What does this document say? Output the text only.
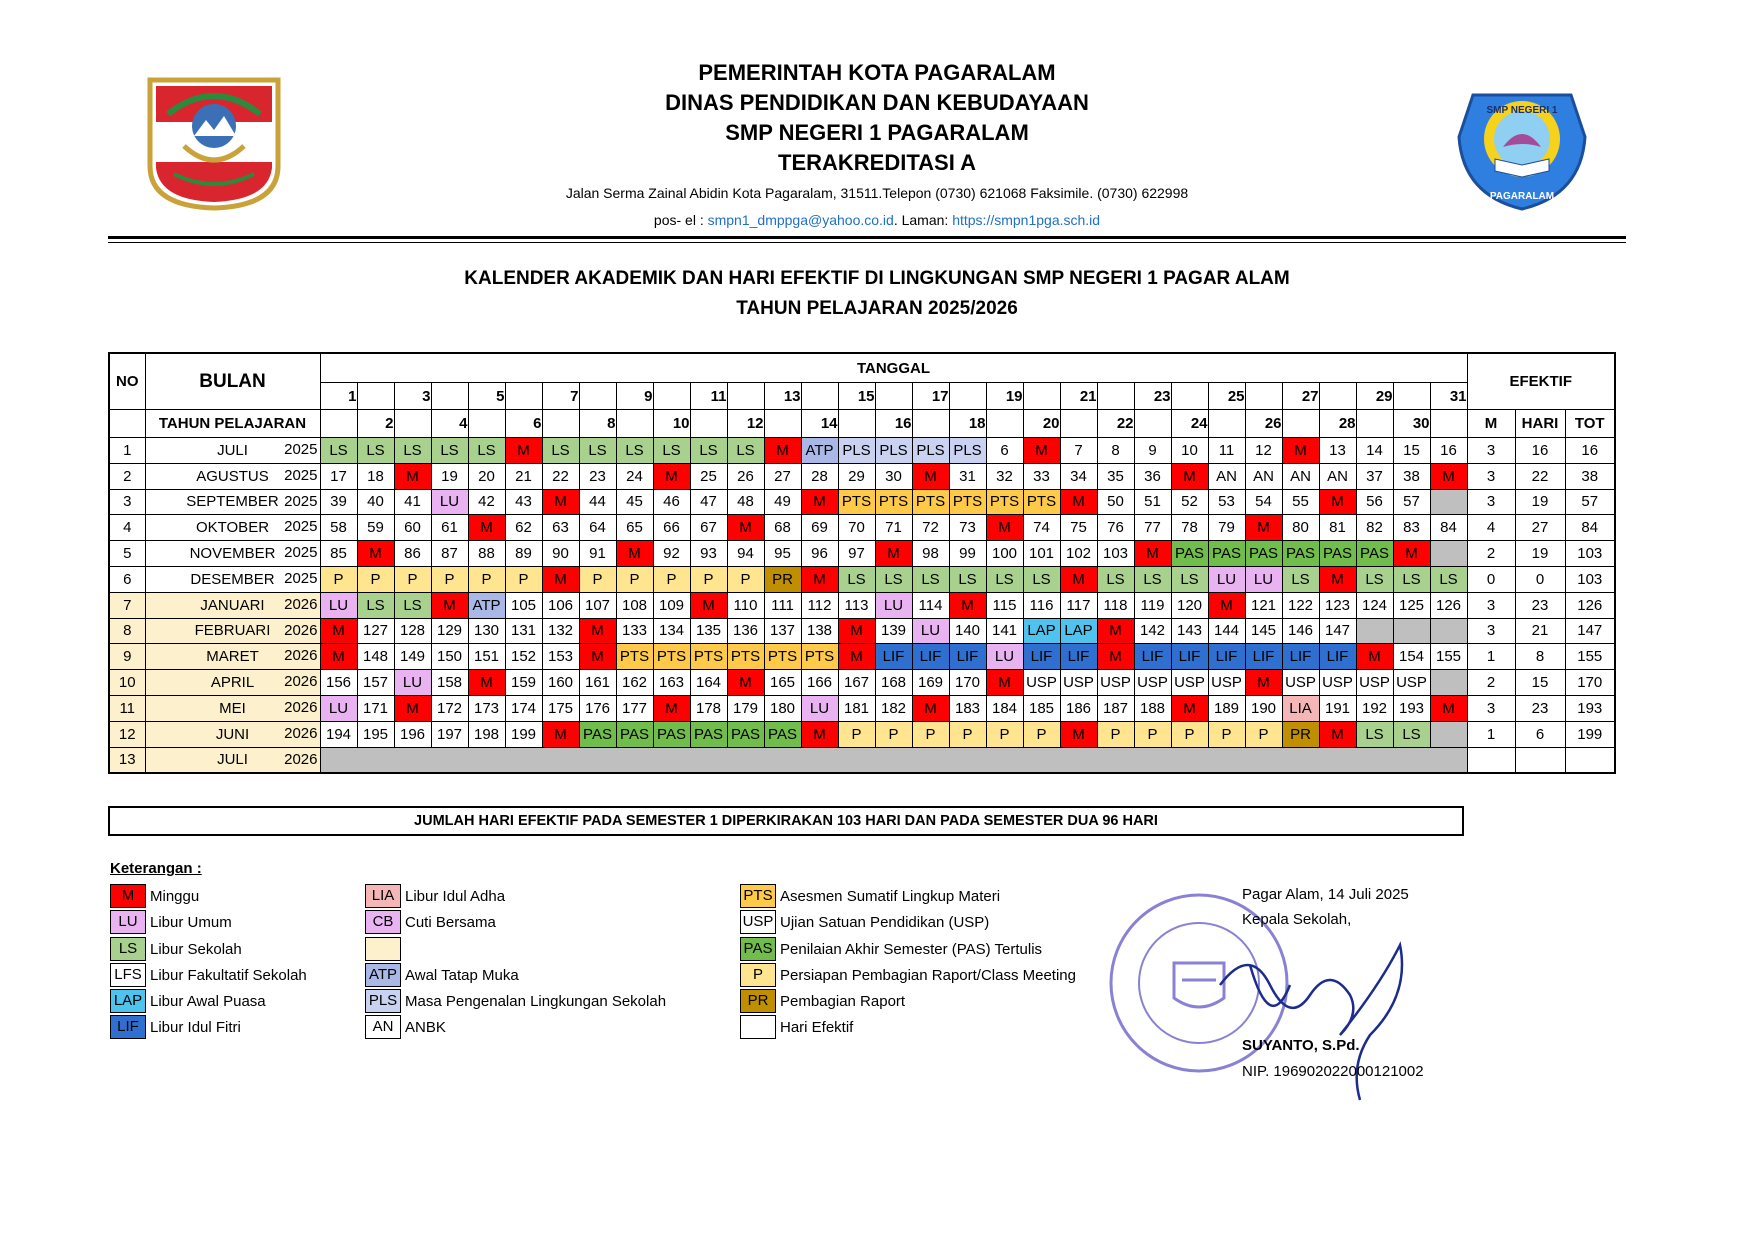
SMP NEGERI 1
PAGARALAM
PEMERINTAH KOTA PAGARALAM
DINAS PENDIDIKAN DAN KEBUDAYAAN
SMP NEGERI 1 PAGARALAM
TERAKREDITASI A
Jalan Serma Zainal Abidin Kota Pagaralam, 31511.Telepon (0730) 621068 Faksimile. (0730) 622998
pos- el : smpn1_dmppga@yahoo.co.id. Laman: https://smpn1pga.sch.id
KALENDER AKADEMIK DAN HARI EFEKTIF DI LINGKUNGAN SMP NEGERI 1 PAGAR ALAM
TAHUN PELAJARAN 2025/2026
NO	BULAN	TANGGAL																															EFEKTIF		
		1		3		5		7		9		11		13		15		17		19		21		23		25		27		29		31			
	TAHUN PELAJARAN		2		4		6		8		10		12		14		16		18		20		22		24		26		28		30		M	HARI	TOT
1	JULI 2025	LS	LS	LS	LS	LS	M	LS	LS	LS	LS	LS	LS	M	ATP	PLS	PLS	PLS	PLS	6	M	7	8	9	10	11	12	M	13	14	15	16	3	16	16
2	AGUSTUS 2025	17	18	M	19	20	21	22	23	24	M	25	26	27	28	29	30	M	31	32	33	34	35	36	M	AN	AN	AN	AN	37	38	M	3	22	38
3	SEPTEMBER 2025	39	40	41	LU	42	43	M	44	45	46	47	48	49	M	PTS	PTS	PTS	PTS	PTS	PTS	M	50	51	52	53	54	55	M	56	57		3	19	57
4	OKTOBER 2025	58	59	60	61	M	62	63	64	65	66	67	M	68	69	70	71	72	73	M	74	75	76	77	78	79	M	80	81	82	83	84	4	27	84
5	NOVEMBER 2025	85	M	86	87	88	89	90	91	M	92	93	94	95	96	97	M	98	99	100	101	102	103	M	PAS	PAS	PAS	PAS	PAS	PAS	M		2	19	103
6	DESEMBER 2025	P	P	P	P	P	P	M	P	P	P	P	P	PR	M	LS	LS	LS	LS	LS	LS	M	LS	LS	LS	LU	LU	LS	M	LS	LS	LS	0	0	103
7	JANUARI 2026	LU	LS	LS	M	ATP	105	106	107	108	109	M	110	111	112	113	LU	114	M	115	116	117	118	119	120	M	121	122	123	124	125	126	3	23	126
8	FEBRUARI 2026	M	127	128	129	130	131	132	M	133	134	135	136	137	138	M	139	LU	140	141	LAP	LAP	M	142	143	144	145	146	147				3	21	147
9	MARET 2026	M	148	149	150	151	152	153	M	PTS	PTS	PTS	PTS	PTS	PTS	M	LIF	LIF	LIF	LU	LIF	LIF	M	LIF	LIF	LIF	LIF	LIF	LIF	M	154	155	1	8	155
10	APRIL 2026	156	157	LU	158	M	159	160	161	162	163	164	M	165	166	167	168	169	170	M	USP	USP	USP	USP	USP	USP	M	USP	USP	USP	USP		2	15	170
11	MEI 2026	LU	171	M	172	173	174	175	176	177	M	178	179	180	LU	181	182	M	183	184	185	186	187	188	M	189	190	LIA	191	192	193	M	3	23	193
12	JUNI 2026	194	195	196	197	198	199	M	PAS	PAS	PAS	PAS	PAS	PAS	M	P	P	P	P	P	P	M	P	P	P	P	P	PR	M	LS	LS		1	6	199
13	JULI 2026																																		

JUMLAH HARI EFEKTIF PADA SEMESTER 1 DIPERKIRAKAN 103 HARI DAN PADA SEMESTER DUA 96 HARI
Keterangan :
M	Minggu
LU Libur Umum
LS Libur Sekolah
LFS Libur Fakultatif Sekolah
LAP Libur Awal Puasa
LIF Libur Idul Fitri
LIA Libur Idul Adha
CB Cuti Bersama
ATP Awal Tatap Muka
PLS Masa Pengenalan Lingkungan Sekolah
AN ANBK
PTS Asesmen Sumatif Lingkup Materi
USP Ujian Satuan Pendidikan (USP)
PAS Penilaian Akhir Semester (PAS) Tertulis
P	Persiapan Pembagian Raport/Class Meeting
PR Pembagian Raport
Hari Efektif
Pagar Alam, 14 Juli 2025
Kepala Sekolah,
SUYANTO, S.Pd.
NIP. 196902022000121002
